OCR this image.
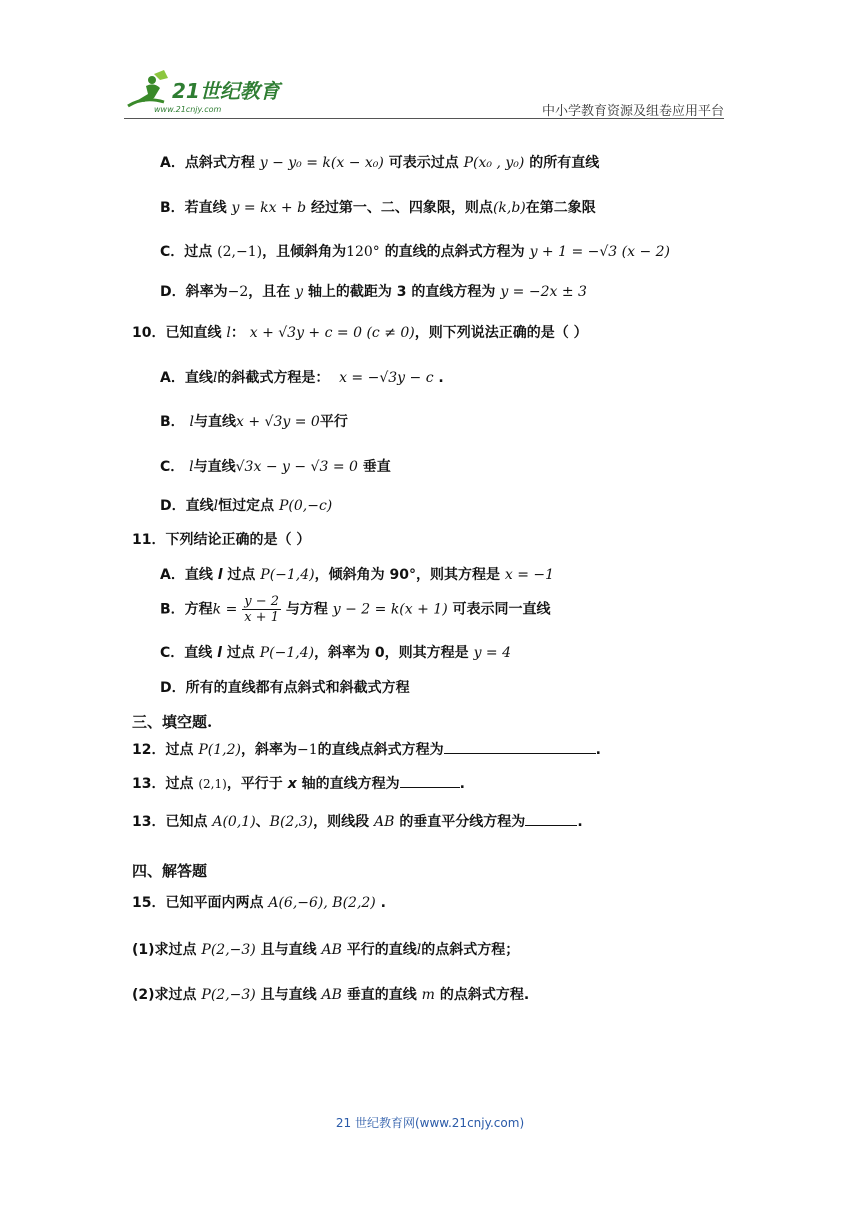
21世纪教育
www.21cnjy.com	中小学教育资源及组卷应用平台
A．点斜式方程 y − y₀ = k(x − x₀) 可表示过点 P(x₀ , y₀) 的所有直线
B．若直线 y = kx + b 经过第一、二、四象限，则点(k,b)在第二象限
C．过点 (2,−1)，且倾斜角为120° 的直线的点斜式方程为 y + 1 = −√3 (x − 2)
D．斜率为−2，且在 y 轴上的截距为 3 的直线方程为 y = −2x ± 3
10．已知直线 l： x + √3y + c = 0 (c ≠ 0)，则下列说法正确的是（ ）
A．直线l的斜截式方程是： x = −√3y − c .
B． l与直线x + √3y = 0平行
C． l与直线√3x − y − √3 = 0 垂直
D．直线l恒过定点 P(0,−c)
11．下列结论正确的是（ ）
A．直线 l 过点 P(−1,4)，倾斜角为 90°，则其方程是 x = −1
B．方程$k = \frac{y - 2}{x + 1}$ 与方程 y − 2 = k(x + 1) 可表示同一直线
C．直线 l 过点 P(−1,4)，斜率为 0，则其方程是 y = 4
D．所有的直线都有点斜式和斜截式方程
三、填空题.
12．过点 P(1,2)，斜率为−1的直线点斜式方程为	.
13．过点 (2,1)，平行于 x 轴的直线方程为	.
13．已知点 A(0,1)、B(2,3)，则线段 AB 的垂直平分线方程为	.
四、解答题
15．已知平面内两点 A(6,−6), B(2,2) .
(1)求过点 P(2,−3) 且与直线 AB 平行的直线l的点斜式方程；
(2)求过点 P(2,−3) 且与直线 AB 垂直的直线 m 的点斜式方程.
21 世纪教育网(www.21cnjy.com)
